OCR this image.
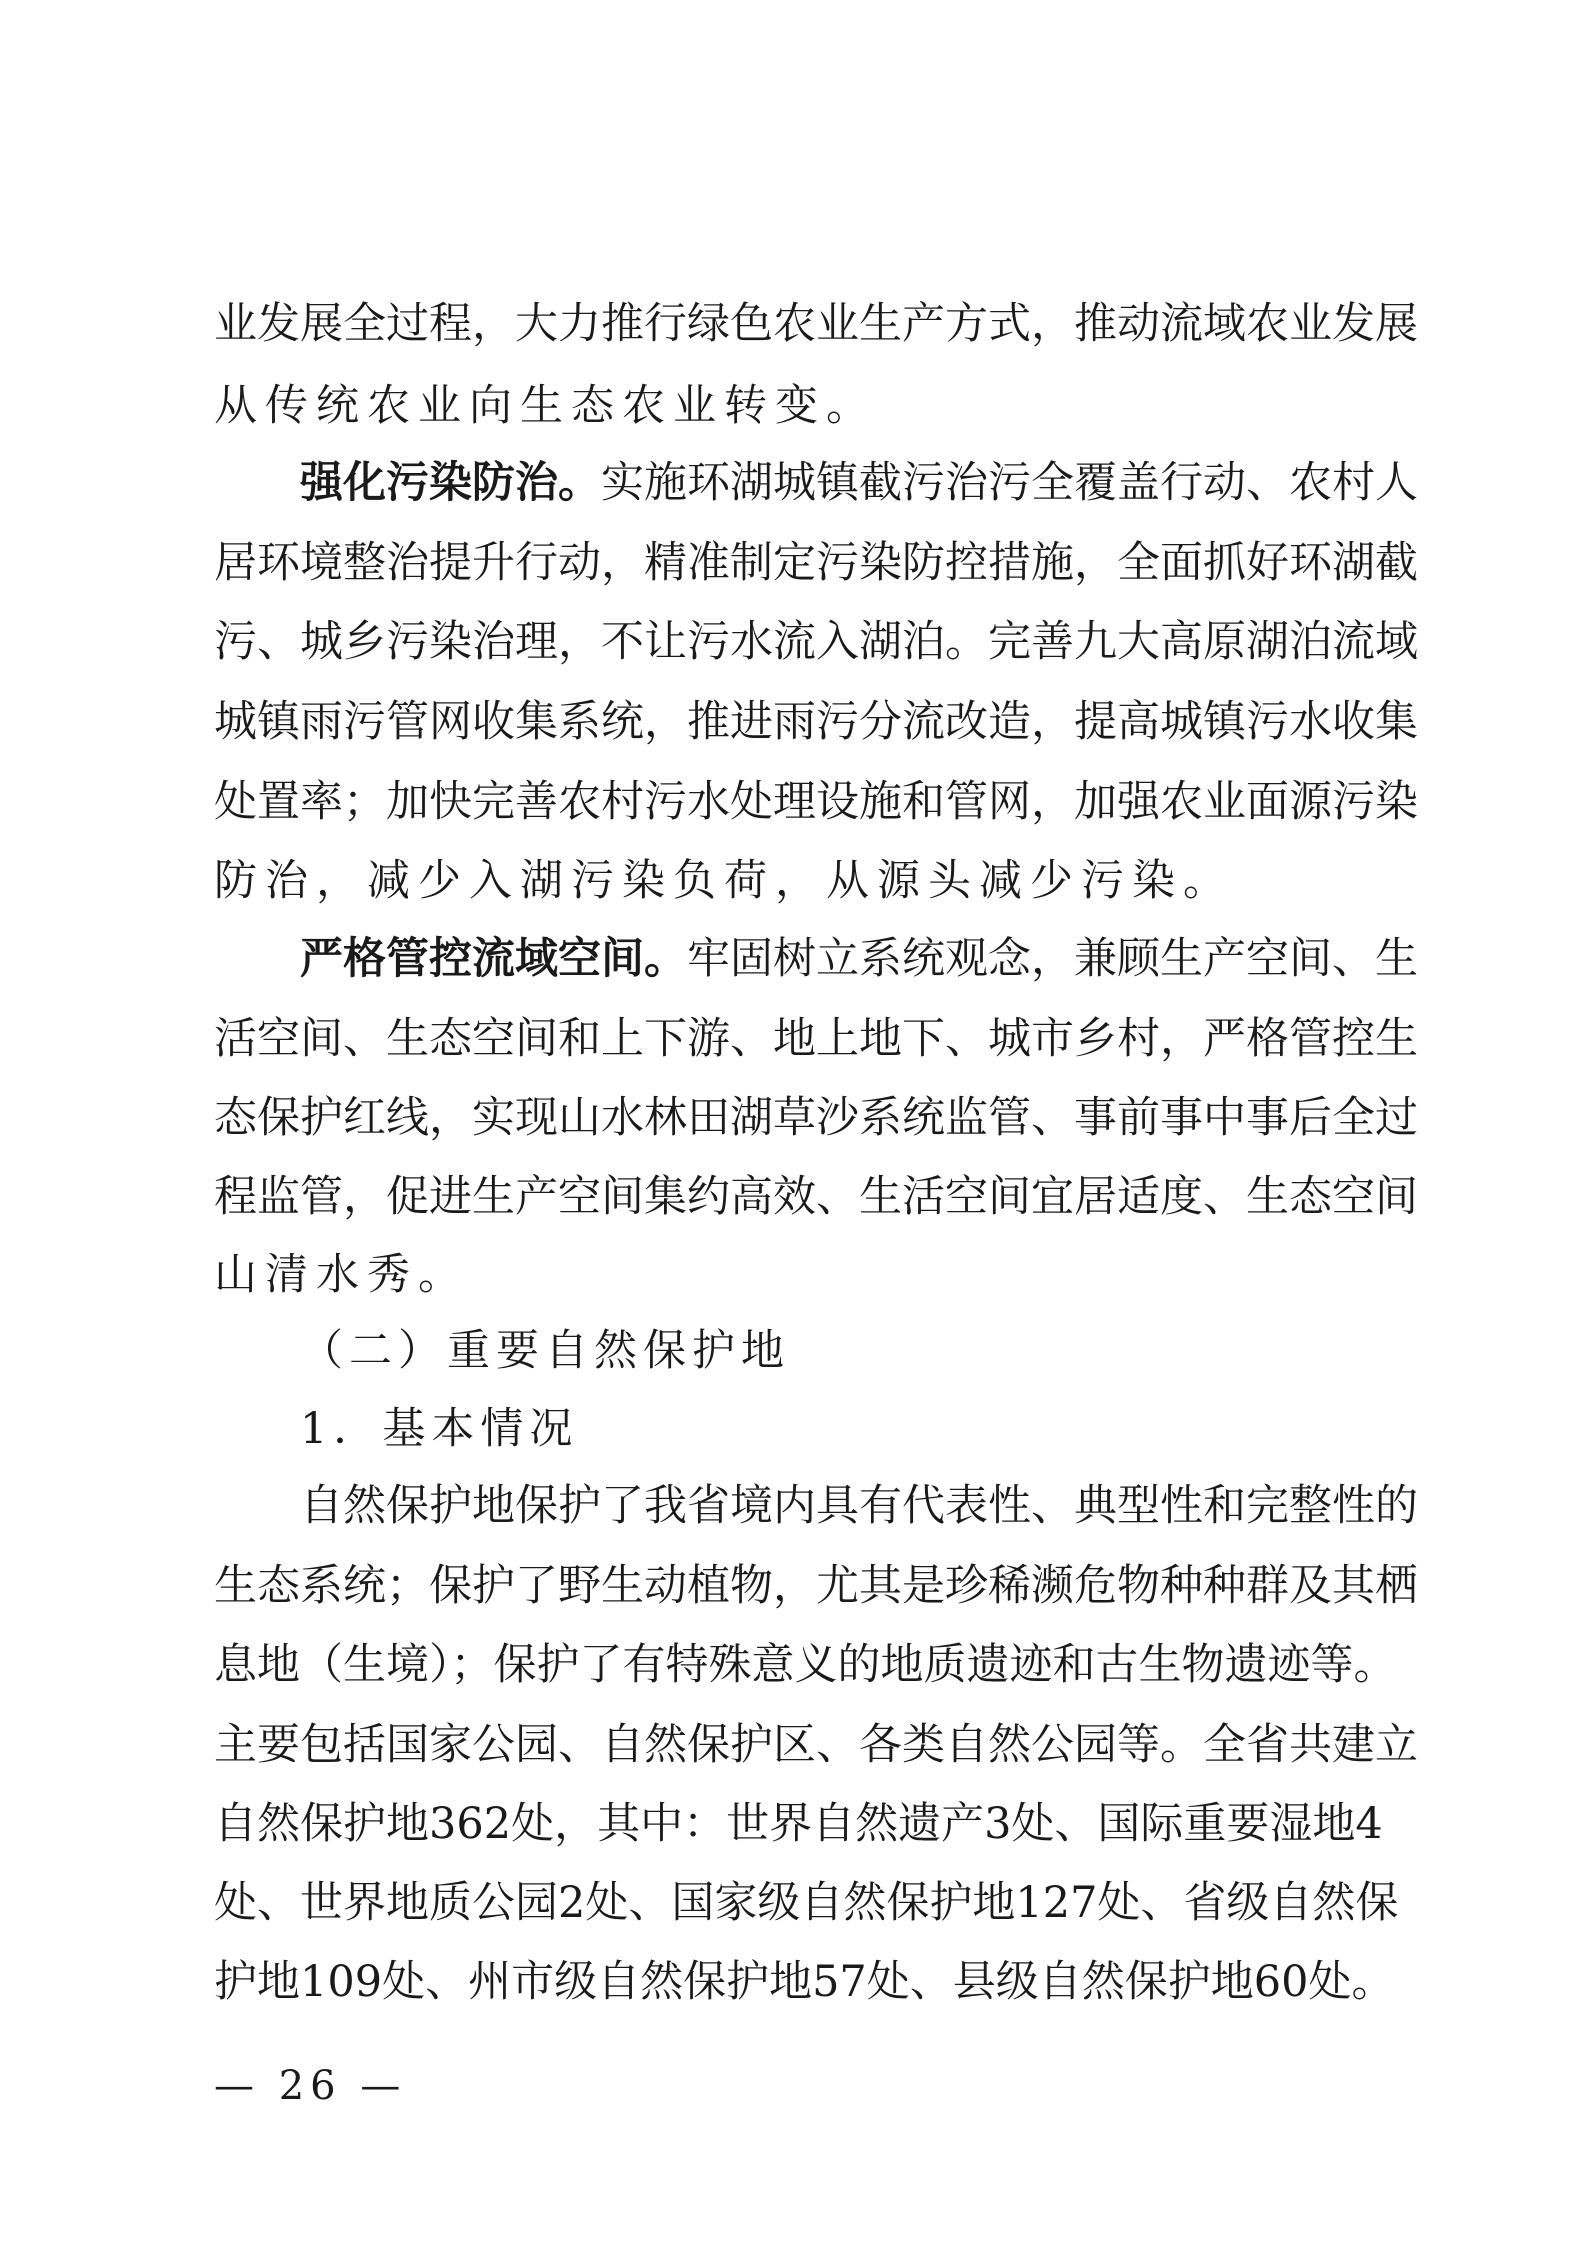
业发展全过程，大力推行绿色农业生产方式，推动流域农业发展
从传统农业向生态农业转变。
强化污染防治。实施环湖城镇截污治污全覆盖行动、农村人
居环境整治提升行动，精准制定污染防控措施，全面抓好环湖截
污、城乡污染治理，不让污水流入湖泊。完善九大高原湖泊流域
城镇雨污管网收集系统，推进雨污分流改造，提高城镇污水收集
处置率；加快完善农村污水处理设施和管网，加强农业面源污染
防治，减少入湖污染负荷，从源头减少污染。
严格管控流域空间。牢固树立系统观念，兼顾生产空间、生
活空间、生态空间和上下游、地上地下、城市乡村，严格管控生
态保护红线，实现山水林田湖草沙系统监管、事前事中事后全过
程监管，促进生产空间集约高效、生活空间宜居适度、生态空间
山清水秀。
（二）重要自然保护地
1．基本情况
自然保护地保护了我省境内具有代表性、典型性和完整性的
生态系统；保护了野生动植物，尤其是珍稀濒危物种种群及其栖
息地（生境）；保护了有特殊意义的地质遗迹和古生物遗迹等。
主要包括国家公园、自然保护区、各类自然公园等。全省共建立
自然保护地362处，其中：世界自然遗产3处、国际重要湿地4
处、世界地质公园2处、国家级自然保护地127处、省级自然保
护地109处、州市级自然保护地57处、县级自然保护地60处。
— 26 —
